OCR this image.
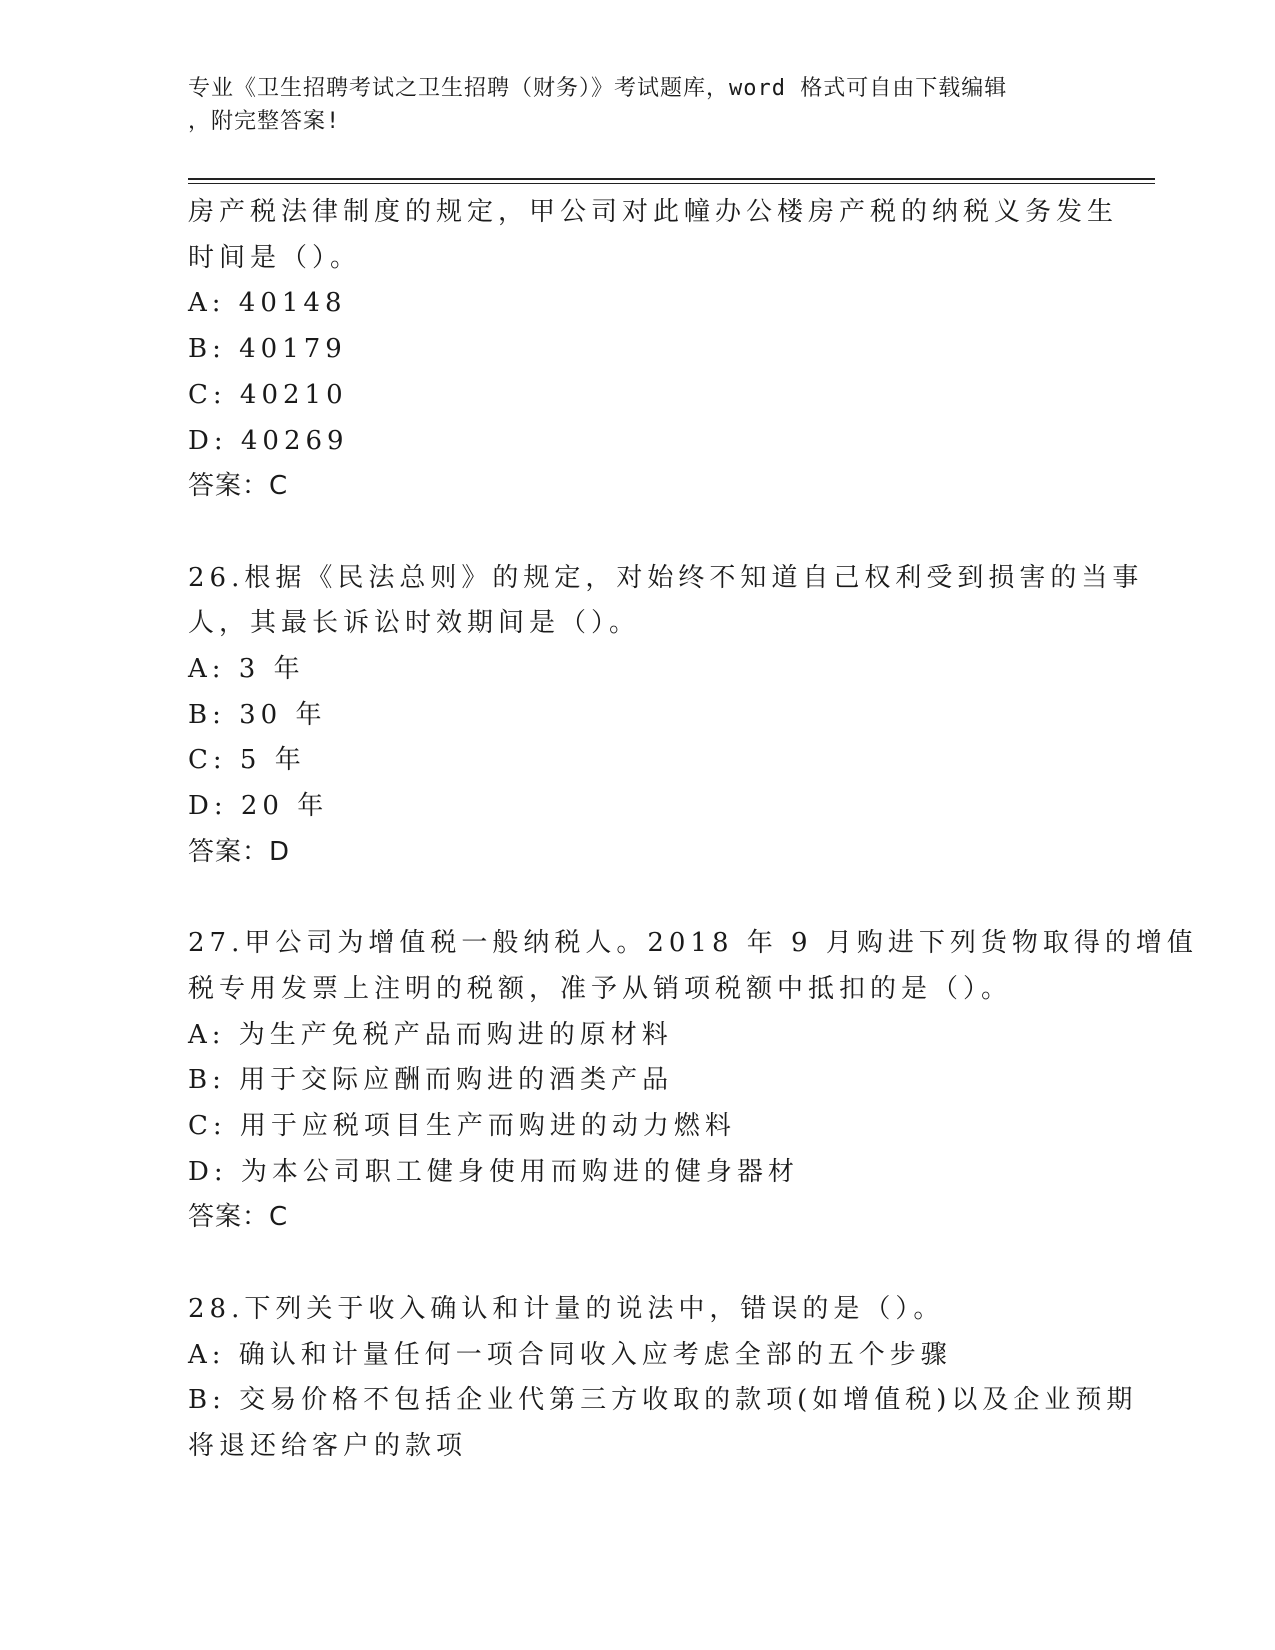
专业《卫生招聘考试之卫生招聘（财务）》考试题库，word 格式可自由下载编辑
，附完整答案!
房产税法律制度的规定，甲公司对此幢办公楼房产税的纳税义务发生
时间是（）。
A: 40148
B: 40179
C: 40210
D: 40269
答案：C
26.根据《民法总则》的规定，对始终不知道自己权利受到损害的当事
人，其最长诉讼时效期间是（）。
A: 3 年
B: 30 年
C: 5 年
D: 20 年
答案：D
27.甲公司为增值税一般纳税人。2018 年 9 月购进下列货物取得的增值
税专用发票上注明的税额，准予从销项税额中抵扣的是（）。
A: 为生产免税产品而购进的原材料
B: 用于交际应酬而购进的酒类产品
C: 用于应税项目生产而购进的动力燃料
D: 为本公司职工健身使用而购进的健身器材
答案：C
28.下列关于收入确认和计量的说法中，错误的是（）。
A: 确认和计量任何一项合同收入应考虑全部的五个步骤
B: 交易价格不包括企业代第三方收取的款项(如增值税)以及企业预期
将退还给客户的款项
